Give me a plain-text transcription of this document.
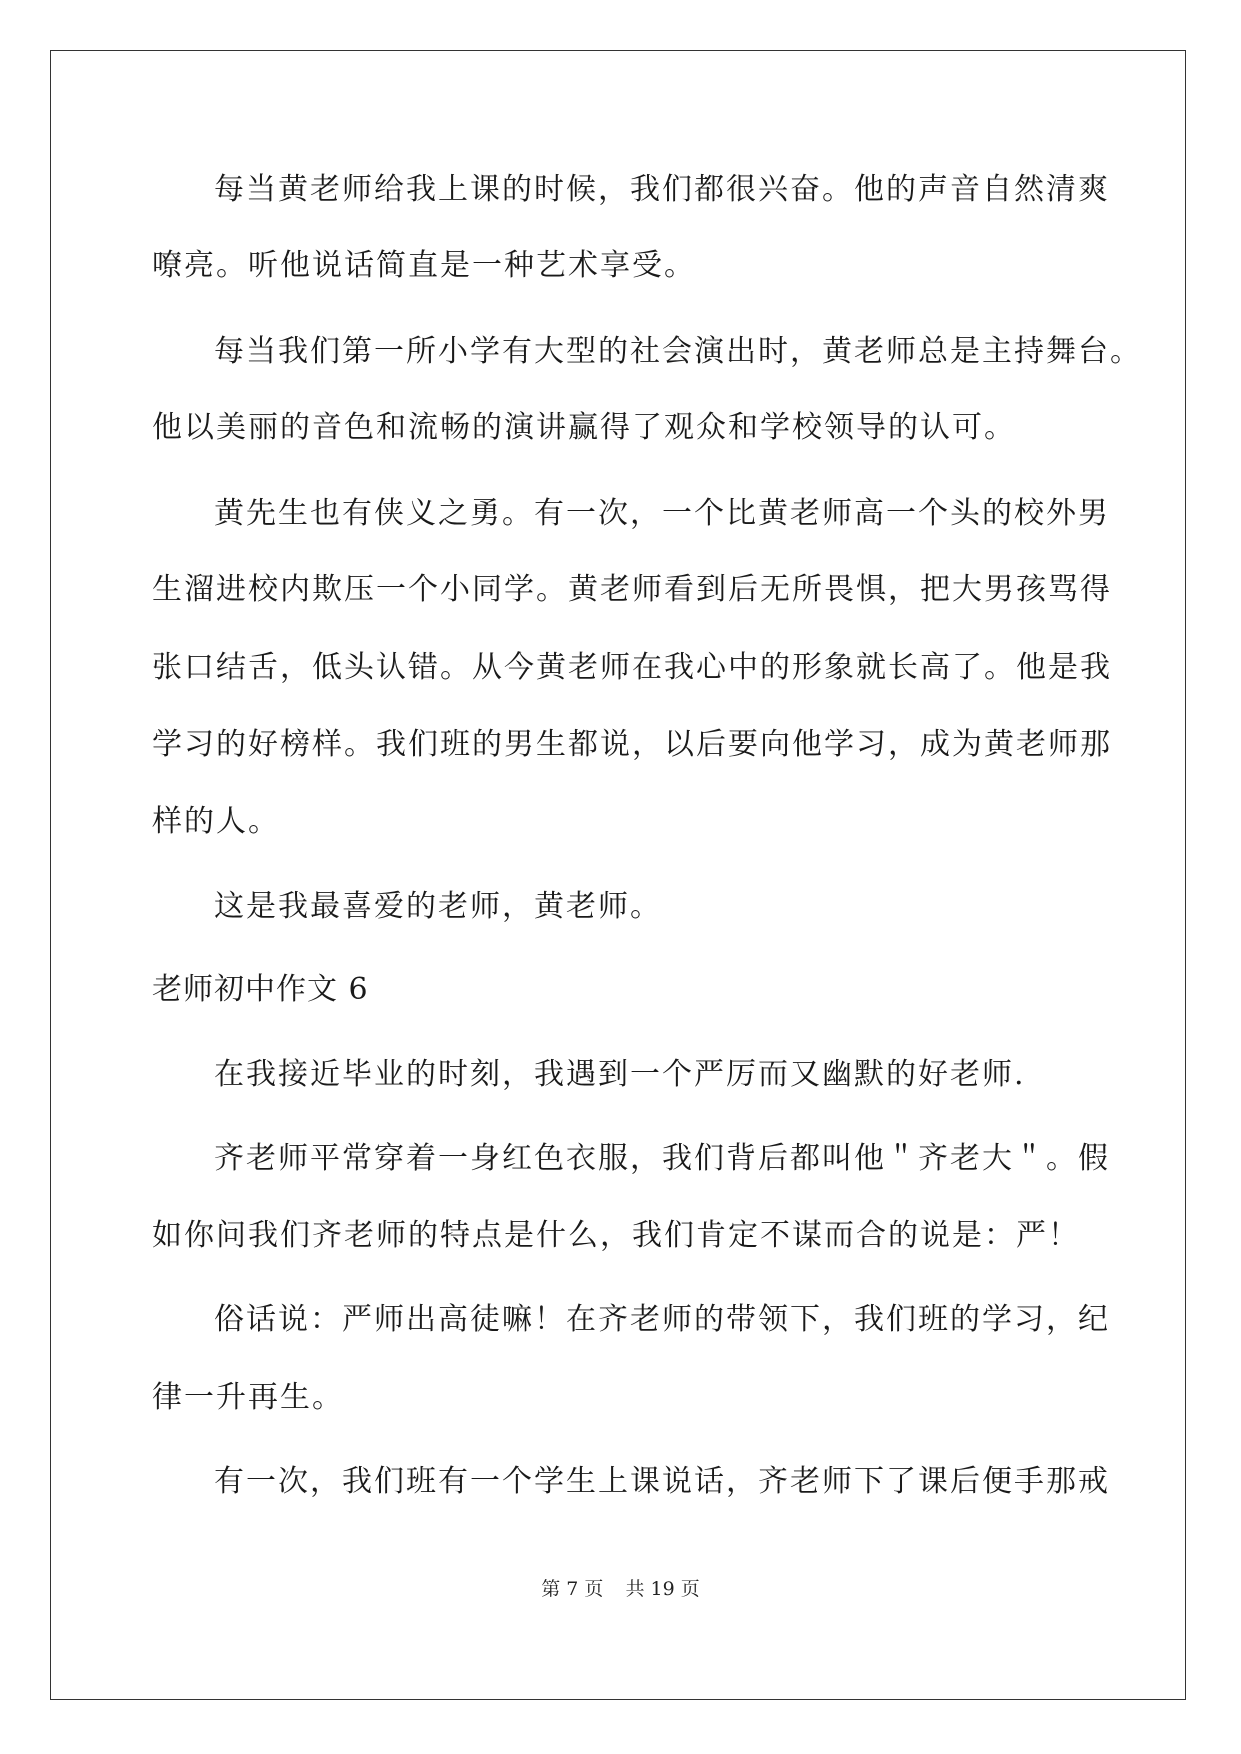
每当黄老师给我上课的时候，我们都很兴奋。他的声音自然清爽
嘹亮。听他说话简直是一种艺术享受。
每当我们第一所小学有大型的社会演出时，黄老师总是主持舞台。
他以美丽的音色和流畅的演讲赢得了观众和学校领导的认可。
黄先生也有侠义之勇。有一次，一个比黄老师高一个头的校外男
生溜进校内欺压一个小同学。黄老师看到后无所畏惧，把大男孩骂得
张口结舌，低头认错。从今黄老师在我心中的形象就长高了。他是我
学习的好榜样。我们班的男生都说，以后要向他学习，成为黄老师那
样的人。
这是我最喜爱的老师，黄老师。
老师初中作文 6
在我接近毕业的时刻，我遇到一个严厉而又幽默的好老师.
齐老师平常穿着一身红色衣服，我们背后都叫他＂齐老大＂。假
如你问我们齐老师的特点是什么，我们肯定不谋而合的说是：严！
俗话说：严师出高徒嘛！在齐老师的带领下，我们班的学习，纪
律一升再生。
有一次，我们班有一个学生上课说话，齐老师下了课后便手那戒
第 7 页 共 19 页
